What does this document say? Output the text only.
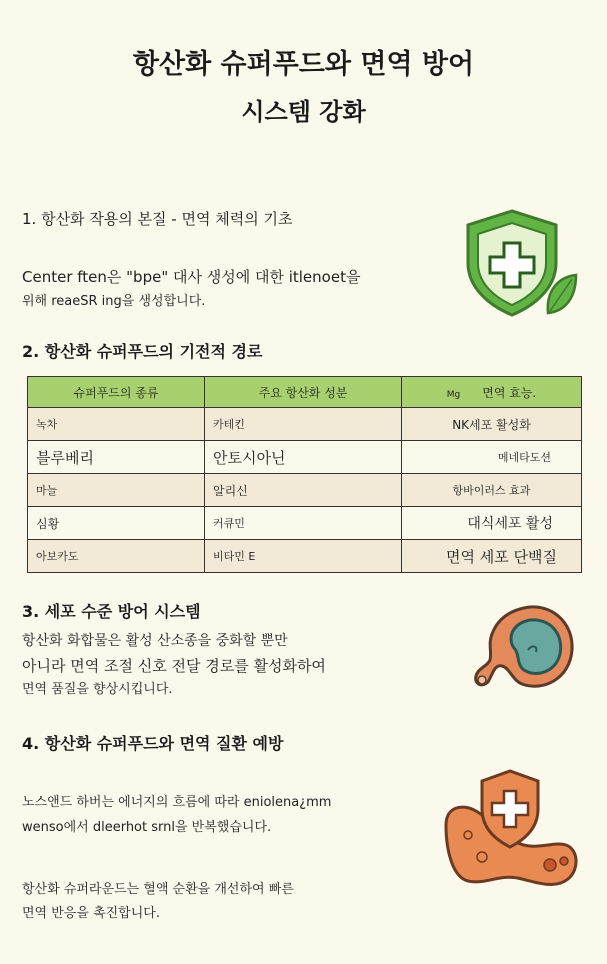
항산화 슈퍼푸드와 면역 방어
시스템 강화
1. 항산화 작용의 본질 - 면역 체력의 기초
Center ften은 "bpe" 대사 생성에 대한 itlenoet을
위해 reaeSR ing을 생성합니다.
2. 항산화 슈퍼푸드의 기전적 경로
슈퍼푸드의 종류	주요 항산화 성분	Mg 면역 효능.
녹차	카테킨	NK세포 활성화
블루베리	안토시아닌	메네타도션
마늘	알리신	항바이러스 효과
심황	커큐민	대식세포 활성
아보카도	비타민 E	면역 세포 단백질
3. 세포 수준 방어 시스템
항산화 화합물은 활성 산소종을 중화할 뿐만
아니라 면역 조절 신호 전달 경로를 활성화하여
면역 품질을 향상시킵니다.
4. 항산화 슈퍼푸드와 면역 질환 예방
노스앤드 하버는 에너지의 흐름에 따라 eniolena¿mm
wenso에서 dleerhot srnl을 반복했습니다.
항산화 슈퍼라운드는 혈액 순환을 개선하여 빠른
면역 반응을 촉진합니다.
